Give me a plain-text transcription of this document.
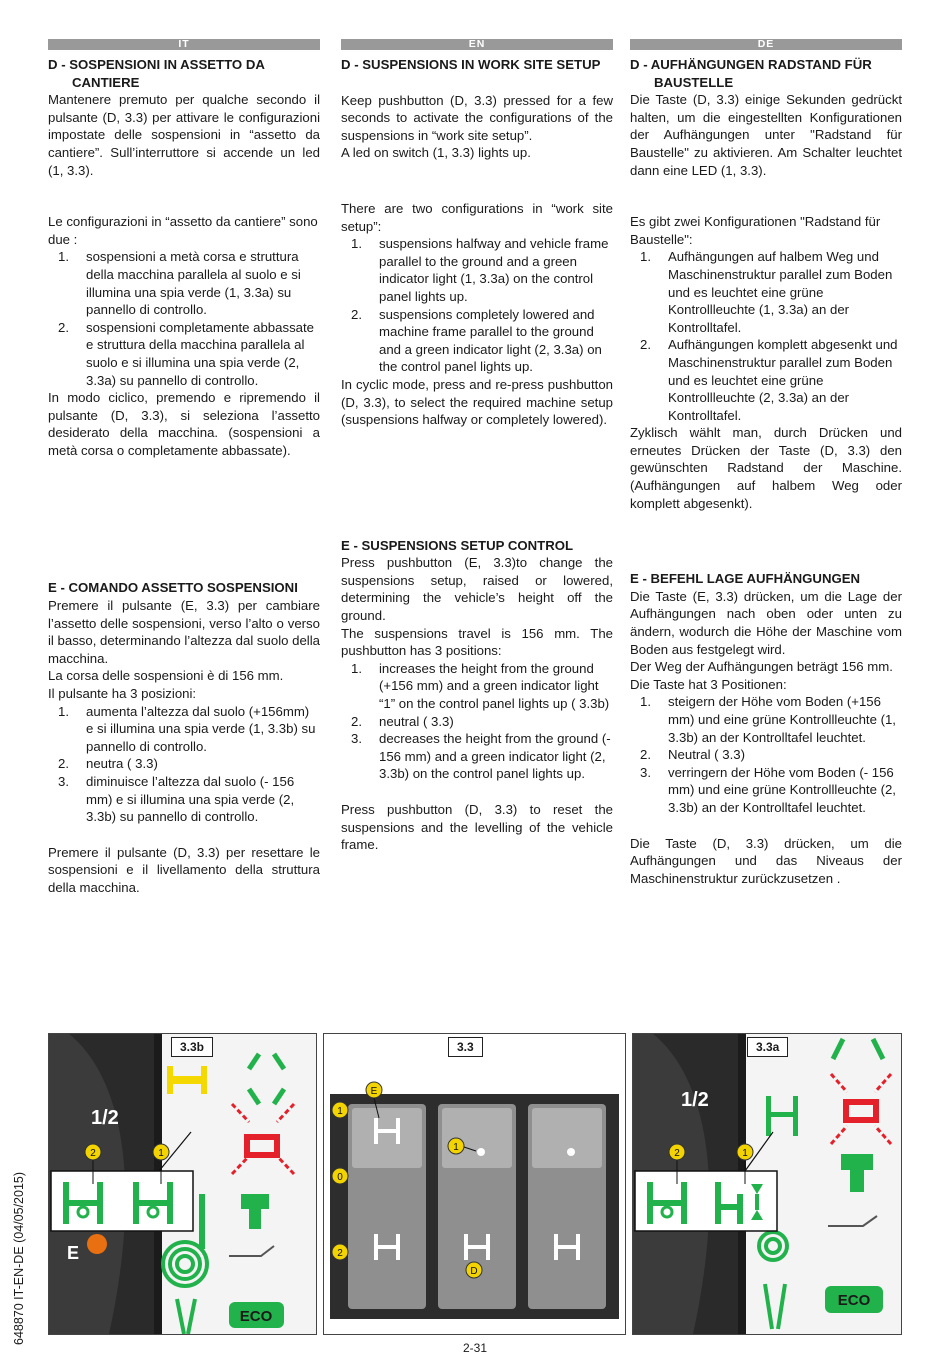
IT
D - SOSPENSIONI IN ASSETTO DA CANTIERE

Mantenere premuto per qualche secondo il pulsante (D, 3.3) per attivare le configurazioni impostate delle sospensioni in “assetto da cantiere”. Sull’interruttore si accende un led (1, 3.3).

Le configurazioni in “assetto da cantiere” sono due :

1. sospensioni a metà corsa e struttura della macchina parallela al suolo e si illumina una spia verde (1, 3.3a) su pannello di controllo.
2. sospensioni completamente abbassate e struttura della macchina parallela al suolo e si illumina una spia verde (2, 3.3a) su pannello di controllo.

In modo ciclico, premendo e ripremendo il pulsante (D, 3.3), si seleziona l’assetto desiderato della macchina. (sospensioni a metà corsa o completamente abbassate).

E - COMANDO ASSETTO SOSPENSIONI

Premere il pulsante (E, 3.3) per cambiare l’assetto delle sospensioni, verso l’alto o verso il basso, determinando l’altezza dal suolo della macchina.

La corsa delle sospensioni è di 156 mm.

Il pulsante ha 3 posizioni:

1. aumenta l’altezza dal suolo (+156mm) e si illumina una spia verde (1, 3.3b) su pannello di controllo.
2. neutra ( 3.3)
3. diminuisce l’altezza dal suolo (- 156 mm) e si illumina una spia verde (2, 3.3b) su pannello di controllo.

Premere il pulsante (D, 3.3) per resettare le sospensioni e il livellamento della struttura della macchina.

EN
D - SUSPENSIONS IN WORK SITE SETUP

Keep pushbutton (D, 3.3) pressed for a few seconds to activate the configurations of the suspensions in “work site setup”.

A led on switch (1, 3.3) lights up.

There are two configurations in “work site setup”:

1. suspensions halfway and vehicle frame parallel to the ground and a green indicator light (1, 3.3a) on the control panel lights up.
2. suspensions completely lowered and machine frame parallel to the ground and a green indicator light (2, 3.3a) on the control panel lights up.

In cyclic mode, press and re-press pushbutton (D, 3.3), to select the required machine setup (suspensions halfway or completely lowered).

E - SUSPENSIONS SETUP CONTROL

Press pushbutton (E, 3.3)to change the suspensions setup, raised or lowered, determining the vehicle’s height off the ground.

The suspensions travel is 156 mm. The pushbutton has 3 positions:

1. increases the height from the ground (+156 mm) and a green indicator light “1” on the control panel lights up ( 3.3b)
2. neutral ( 3.3)
3. decreases the height from the ground (- 156 mm) and a green indicator light (2, 3.3b) on the control panel lights up.

Press pushbutton (D, 3.3) to reset the suspensions and the levelling of the vehicle frame.

DE
D - AUFHÄNGUNGEN RADSTAND FÜR BAUSTELLE

Die Taste (D, 3.3) einige Sekunden gedrückt halten, um die eingestellten Konfigurationen der Aufhängungen unter "Radstand für Baustelle" zu aktivieren. Am Schalter leuchtet dann eine LED (1, 3.3).

Es gibt zwei Konfigurationen "Radstand für Baustelle":

1. Aufhängungen auf halbem Weg und Maschinenstruktur parallel zum Boden und es leuchtet eine grüne Kontrollleuchte (1, 3.3a) an der Kontrolltafel.
2. Aufhängungen komplett abgesenkt und Maschinenstruktur parallel zum Boden und es leuchtet eine grüne Kontrollleuchte (2, 3.3a) an der Kontrolltafel.

Zyklisch wählt man, durch Drücken und erneutes Drücken der Taste (D, 3.3) den gewünschten Radstand der Maschine. (Aufhängungen auf halbem Weg oder komplett abgesenkt).

E - BEFEHL LAGE AUFHÄNGUNGEN

Die Taste (E, 3.3) drücken, um die Lage der Aufhängungen nach oben oder unten zu ändern, wodurch die Höhe der Maschine vom Boden aus festgelegt wird.

Der Weg der Aufhängungen beträgt 156 mm.

Die Taste hat 3 Positionen:

1. steigern der Höhe vom Boden (+156 mm) und eine grüne Kontrollleuchte (1, 3.3b) an der Kontrolltafel leuchtet.
2. Neutral ( 3.3)
3. verringern der Höhe vom Boden (- 156 mm) und eine grüne Kontrollleuchte (2, 3.3b) an der Kontrolltafel leuchtet.

Die Taste (D, 3.3) drücken, um die Aufhängungen und das Niveaus der Maschinenstruktur zurückzusetzen .

ECO
1/2
E
2	1
3.3b
E
1
0
2
1
D
3.3
ECO
1/2
2	1
3.3a
648870 IT-EN-DE (04/05/2015)
2-31
